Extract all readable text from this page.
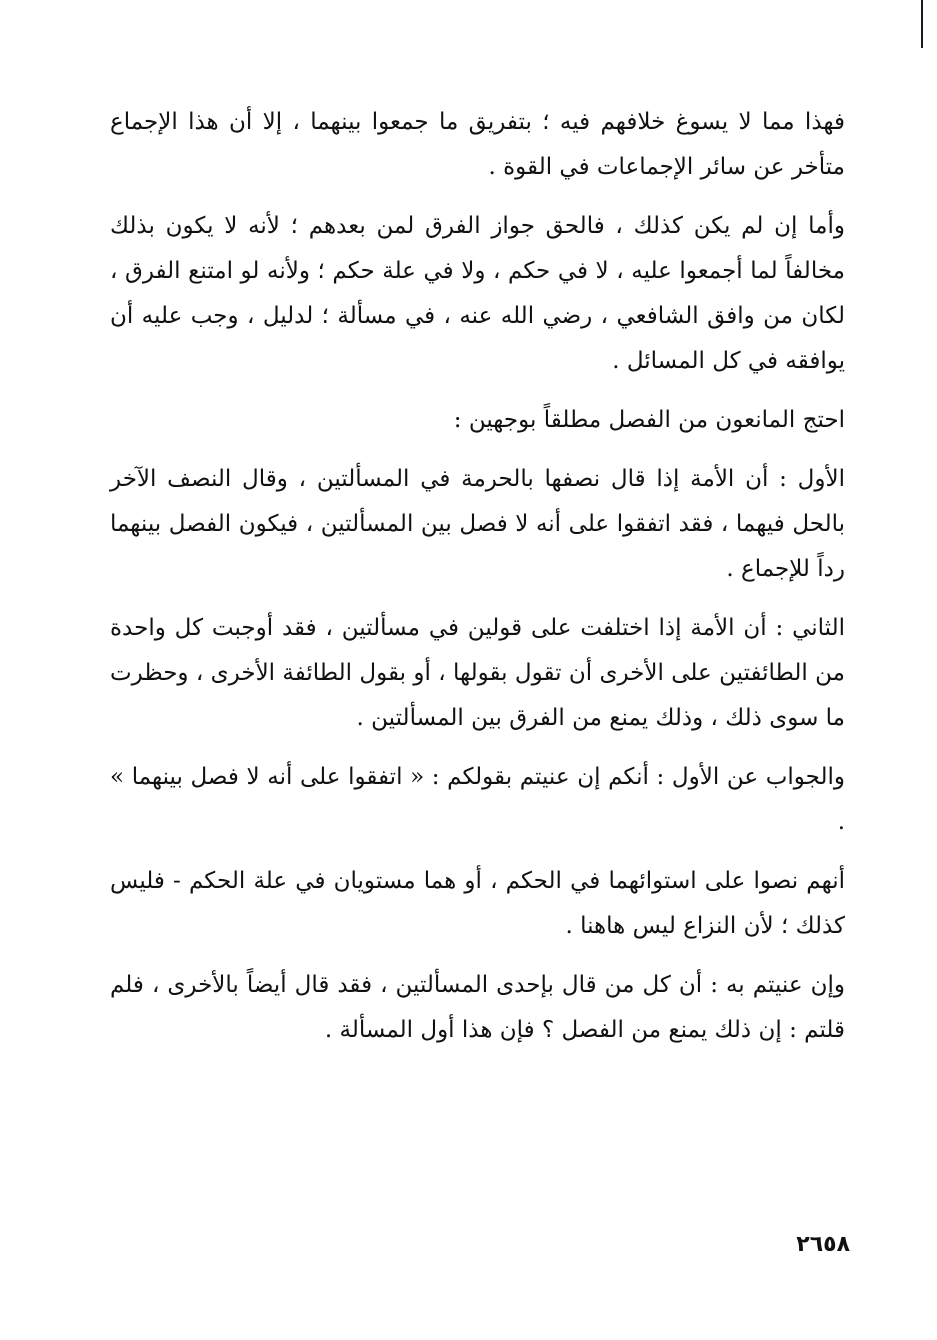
فهذا مما لا يسوغ خلافهم فيه ؛ بتفريق ما جمعوا بينهما ، إلا أن هذا الإجماع متأخر عن سائر الإجماعات في القوة .

وأما إن لم يكن كذلك ، فالحق جواز الفرق لمن بعدهم ؛ لأنه لا يكون بذلك مخالفاً لما أجمعوا عليه ، لا في حكم ، ولا في علة حكم ؛ ولأنه لو امتنع الفرق ، لكان من وافق الشافعي ، رضي الله عنه ، في مسألة ؛ لدليل ، وجب عليه أن يوافقه في كل المسائل .

احتج المانعون من الفصل مطلقاً بوجهين :

الأول : أن الأمة إذا قال نصفها بالحرمة في المسألتين ، وقال النصف الآخر بالحل فيهما ، فقد اتفقوا على أنه لا فصل بين المسألتين ، فيكون الفصل بينهما رداً للإجماع .

الثاني : أن الأمة إذا اختلفت على قولين في مسألتين ، فقد أوجبت كل واحدة من الطائفتين على الأخرى أن تقول بقولها ، أو بقول الطائفة الأخرى ، وحظرت ما سوى ذلك ، وذلك يمنع من الفرق بين المسألتين .

والجواب عن الأول : أنكم إن عنيتم بقولكم : « اتفقوا على أنه لا فصل بينهما » .

أنهم نصوا على استوائهما في الحكم ، أو هما مستويان في علة الحكم - فليس كذلك ؛ لأن النزاع ليس هاهنا .

وإن عنيتم به : أن كل من قال بإحدى المسألتين ، فقد قال أيضاً بالأخرى ، فلم قلتم : إن ذلك يمنع من الفصل ؟ فإن هذا أول المسألة .

٢٦٥٨
